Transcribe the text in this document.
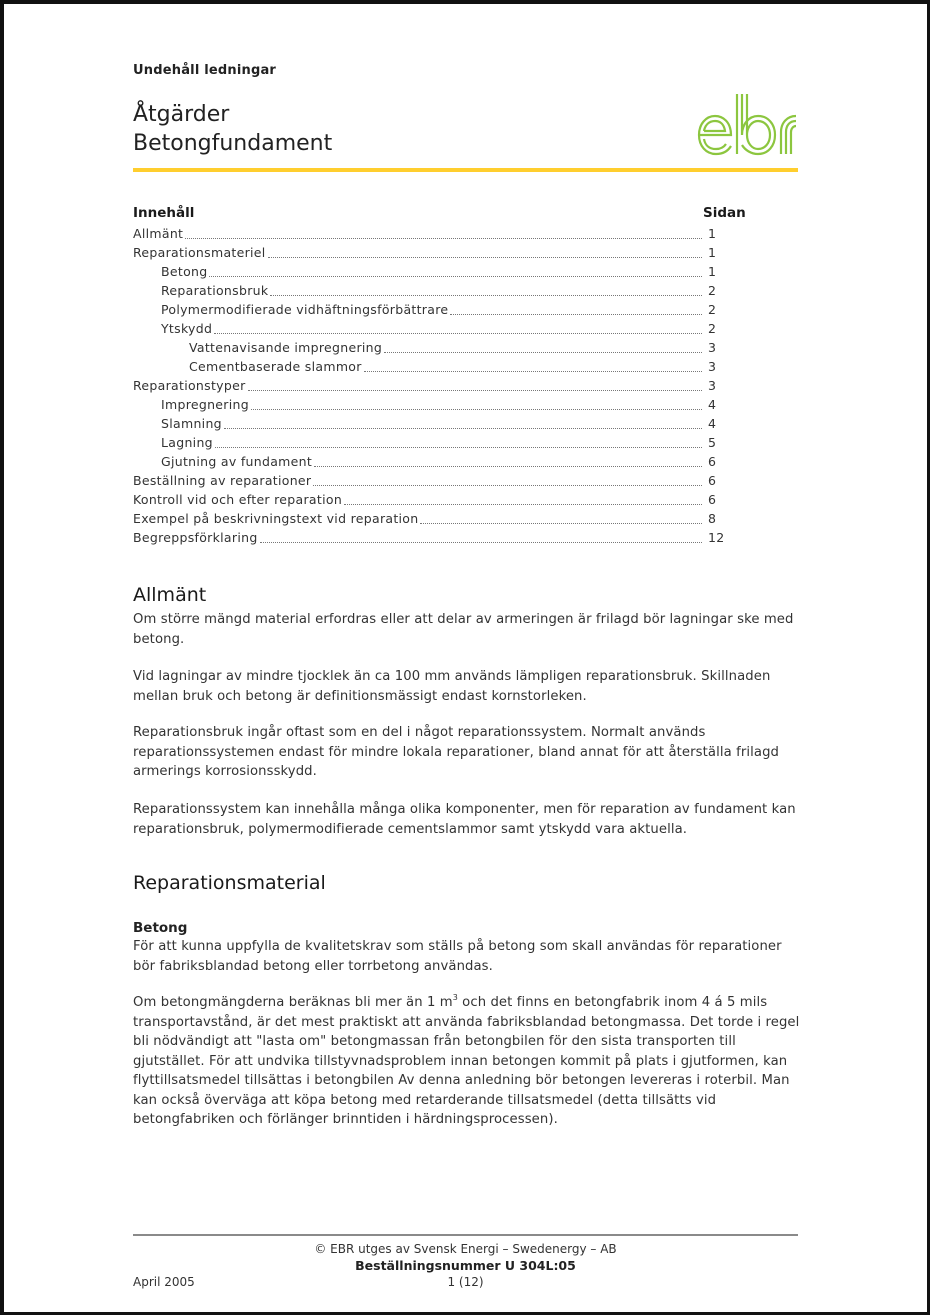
Undehåll ledningar
Åtgärder
Betongfundament
Innehåll	Sidan
Allmänt	1
Reparationsmateriel	1
Betong	1
Reparationsbruk	2
Polymermodifierade vidhäftningsförbättrare	2
Ytskydd	2
Vattenavisande impregnering	3
Cementbaserade slammor	3
Reparationstyper	3
Impregnering	4
Slamning	4
Lagning	5
Gjutning av fundament	6
Beställning av reparationer	6
Kontroll vid och efter reparation	6
Exempel på beskrivningstext vid reparation	8
Begreppsförklaring	12
Allmänt

Om större mängd material erfordras eller att delar av armeringen är frilagd bör lagningar ske med betong.

Vid lagningar av mindre tjocklek än ca 100 mm används lämpligen reparationsbruk. Skillnaden mellan bruk och betong är definitionsmässigt endast kornstorleken.

Reparationsbruk ingår oftast som en del i något reparationssystem. Normalt används reparationssystemen endast för mindre lokala reparationer, bland annat för att återställa frilagd armerings korrosionsskydd.

Reparationssystem kan innehålla många olika komponenter, men för reparation av fundament kan reparationsbruk, polymermodifierade cementslammor samt ytskydd vara aktuella.

Reparationsmaterial
Betong

För att kunna uppfylla de kvalitetskrav som ställs på betong som skall användas för reparationer bör fabriksblandad betong eller torrbetong användas.

Om betongmängderna beräknas bli mer än 1 $m^3$ och det finns en betongfabrik inom 4 á 5 mils transportavstånd, är det mest praktiskt att använda fabriksblandad betongmassa. Det torde i regel bli nödvändigt att "lasta om" betongmassan från betongbilen för den sista transporten till gjutstället. För att undvika tillstyvnadsproblem innan betongen kommit på plats i gjutformen, kan flyttillsatsmedel tillsättas i betongbilen Av denna anledning bör betongen levereras i roterbil. Man kan också överväga att köpa betong med retarderande tillsatsmedel (detta tillsätts vid betongfabriken och förlänger brinntiden i härdningsprocessen).

© EBR utges av Svensk Energi – Swedenergy – AB
Beställningsnummer U 304L:05
April 2005	1 (12)
